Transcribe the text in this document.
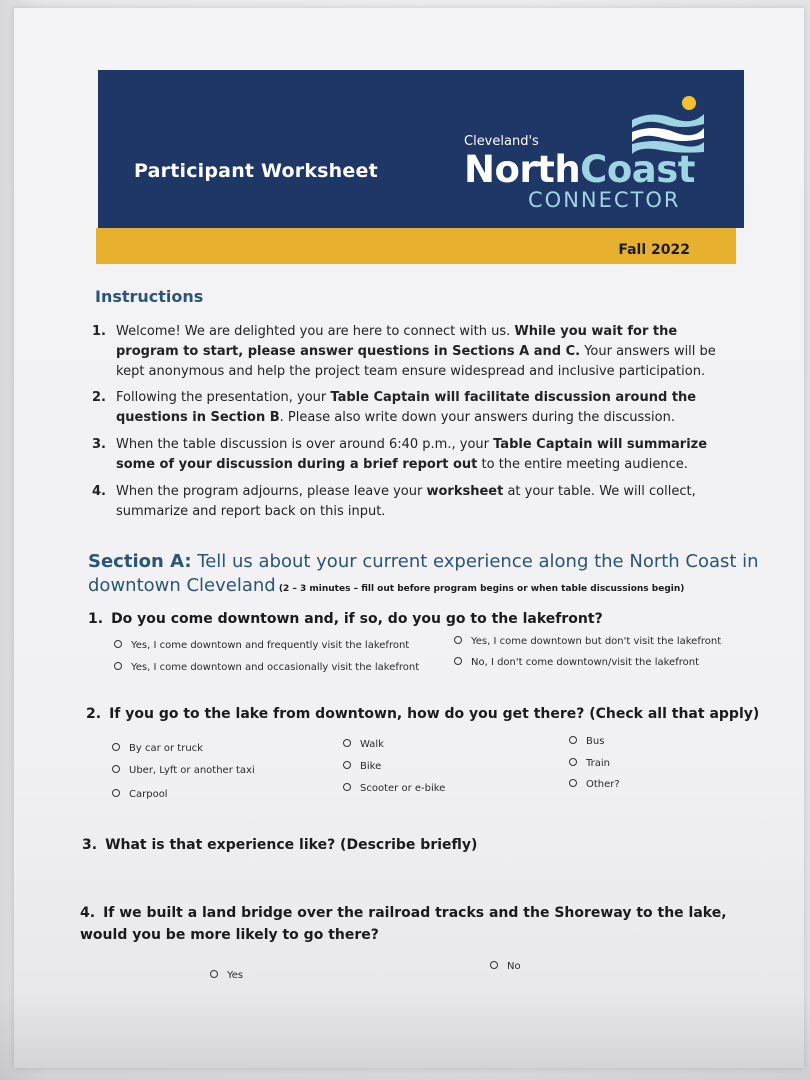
Participant Worksheet
Cleveland's
NorthCoast
CONNECTOR
Fall 2022
Instructions
1. Welcome! We are delighted you are here to connect with us. While you wait for the program to start, please answer questions in Sections A and C. Your answers will be kept anonymous and help the project team ensure widespread and inclusive participation.
2. Following the presentation, your Table Captain will facilitate discussion around the questions in Section B. Please also write down your answers during the discussion.
3. When the table discussion is over around 6:40 p.m., your Table Captain will summarize some of your discussion during a brief report out to the entire meeting audience.
4. When the program adjourns, please leave your worksheet at your table. We will collect, summarize and report back on this input.
Section A: Tell us about your current experience along the North Coast in downtown Cleveland (2 – 3 minutes – fill out before program begins or when table discussions begin)
1. Do you come downtown and, if so, do you go to the lakefront?
Yes, I come downtown and frequently visit the lakefront	Yes, I come downtown but don't visit the lakefront
Yes, I come downtown and occasionally visit the lakefront	No, I don't come downtown/visit the lakefront
2. If you go to the lake from downtown, how do you get there? (Check all that apply)
By car or truck	Walk	Bus
Uber, Lyft or another taxi	Bike	Train
Carpool
Scooter or e-bike	Other?
3. What is that experience like? (Describe briefly)
4. If we built a land bridge over the railroad tracks and the Shoreway to the lake, would you be more likely to go there?
Yes
No
